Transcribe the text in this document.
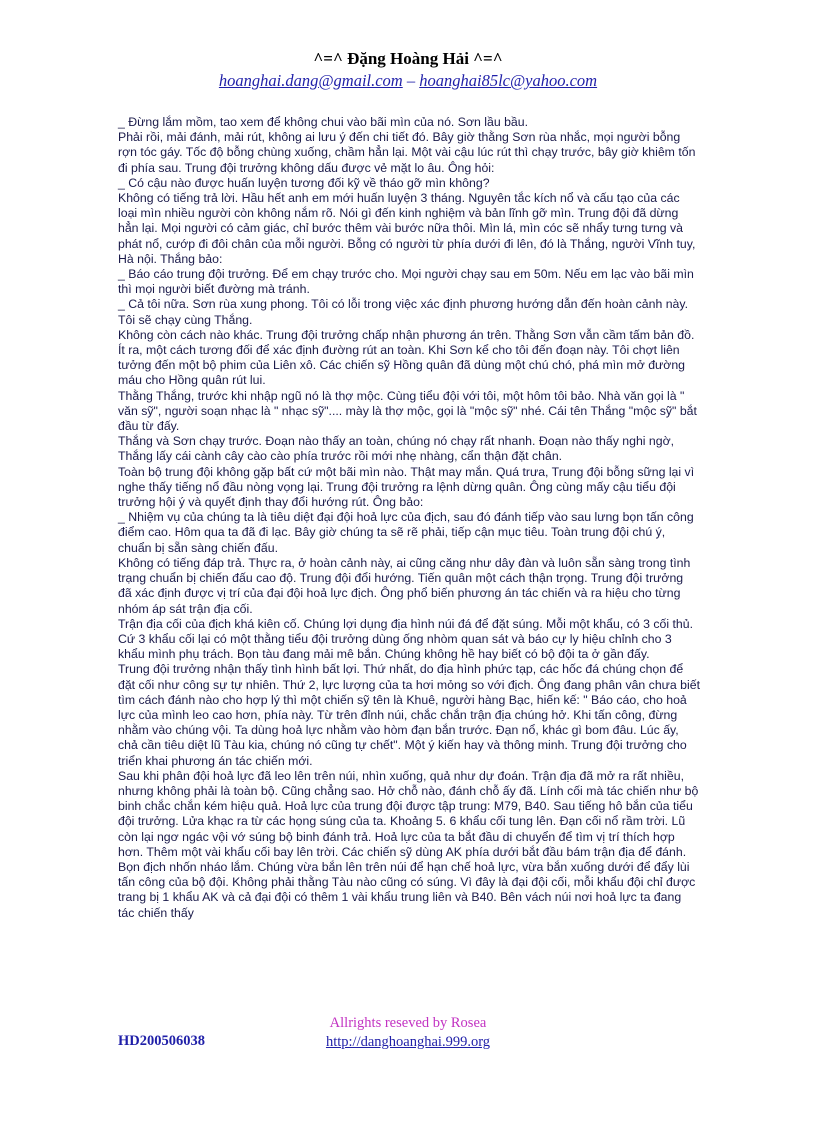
^=^ Đặng Hoàng Hải ^=^
hoanghai.dang@gmail.com – hoanghai85lc@yahoo.com

_ Đừng lắm mồm, tao xem để không chui vào bãi mìn của nó. Sơn lầu bầu.

Phải rồi, mải đánh, mải rút, không ai lưu ý đến chi tiết đó. Bây giờ thằng Sơn rùa nhắc, mọi người bỗng rợn tóc gáy. Tốc độ bỗng chùng xuống, chầm hẳn lại. Một vài cậu lúc rút thì chạy trước, bây giờ khiêm tốn đi phía sau. Trung đội trưởng không dấu được vẻ mặt lo âu. Ông hỏi:

_ Có cậu nào được huấn luyện tương đối kỹ về tháo gỡ mìn không?

Không có tiếng trả lời. Hầu hết anh em mới huấn luyện 3 tháng. Nguyên tắc kích nổ và cấu tạo của các loại mìn nhiều người còn không nắm rõ. Nói gì đến kinh nghiệm và bản lĩnh gỡ mìn. Trung đội đã dừng hẳn lại. Mọi người có cảm giác, chỉ bước thêm vài bước nữa thôi. Mìn lá, mìn cóc sẽ nhẩy tưng tưng và phát nổ, cướp đi đôi chân của mỗi người. Bỗng có người từ phía dưới đi lên, đó là Thắng, người Vĩnh tuy, Hà nội. Thắng bảo:

_ Báo cáo trung đội trưởng. Để em chạy trước cho. Mọi người chạy sau em 50m. Nếu em lạc vào bãi mìn thì mọi người biết đường mà tránh.

_ Cả tôi nữa. Sơn rùa xung phong. Tôi có lỗi trong việc xác định phương hướng dẫn đến hoàn cảnh này. Tôi sẽ chạy cùng Thắng.

Không còn cách nào khác. Trung đội trưởng chấp nhận phương án trên. Thằng Sơn vẫn cầm tấm bản đồ. Ít ra, một cách tương đối để xác định đường rút an toàn. Khi Sơn kể cho tôi đến đoạn này. Tôi chợt liên tưởng đến một bộ phim của Liên xô. Các chiến sỹ Hồng quân đã dùng một chú chó, phá mìn mở đường máu cho Hồng quân rút lui.

Thằng Thắng, trước khi nhập ngũ nó là thợ mộc. Cùng tiểu đội với tôi, một hôm tôi bảo. Nhà văn gọi là " văn sỹ", người soạn nhạc là " nhạc sỹ".... mày là thợ mộc, gọi là "mộc sỹ" nhé. Cái tên Thắng "mộc sỹ" bắt đầu từ đấy.

Thắng và Sơn chạy trước. Đoạn nào thấy an toàn, chúng nó chạy rất nhanh. Đoạn nào thấy nghi ngờ, Thắng lấy cái cành cây cào cào phía trước rồi mới nhẹ nhàng, cẩn thận đặt chân.

Toàn bộ trung đội không gặp bất cứ một bãi mìn nào. Thật may mắn. Quá trưa, Trung đội bỗng sững lại vì nghe thấy tiếng nổ đầu nòng vọng lại. Trung đội trưởng ra lệnh dừng quân. Ông cùng mấy cậu tiểu đội trưởng hội ý và quyết định thay đổi hướng rút. Ông bảo:

_ Nhiệm vụ của chúng ta là tiêu diệt đại đội hoả lực của địch, sau đó đánh tiếp vào sau lưng bọn tấn công điểm cao. Hôm qua ta đã đi lạc. Bây giờ chúng ta sẽ rẽ phải, tiếp cận mục tiêu. Toàn trung đội chú ý, chuẩn bị sẵn sàng chiến đấu.

Không có tiếng đáp trả. Thực ra, ở hoàn cảnh này, ai cũng căng như dây đàn và luôn sẵn sàng trong tình trạng chuẩn bị chiến đấu cao độ. Trung đội đổi hướng. Tiến quân một cách thận trọng. Trung đội trưởng đã xác định được vị trí của đại đội hoả lực địch. Ông phổ biến phương án tác chiến và ra hiệu cho từng nhóm áp sát trận địa cối.

Trận địa cối của địch khá kiên cố. Chúng lợi dụng địa hình núi đá để đặt súng. Mỗi một khẩu, có 3 cối thủ. Cứ 3 khẩu cối lại có một thằng tiểu đội trưởng dùng ống nhòm quan sát và báo cự ly hiệu chỉnh cho 3 khẩu mình phụ trách. Bọn tàu đang mải mê bắn. Chúng không hề hay biết có bộ đội ta ở gần đấy.

Trung đội trưởng nhận thấy tình hình bất lợi. Thứ nhất, do địa hình phức tạp, các hốc đá chúng chọn để đặt cối như công sự tự nhiên. Thứ 2, lực lượng của ta hơi mỏng so với địch. Ông đang phân vân chưa biết tìm cách đánh nào cho hợp lý thì một chiến sỹ tên là Khuê, người hàng Bạc, hiến kế: " Báo cáo, cho hoả lực của mình leo cao hơn, phía này. Từ trên đỉnh núi, chắc chắn trận địa chúng hở. Khi tấn công, đừng nhằm vào chúng vội. Ta dùng hoả lực nhằm vào hòm đạn bắn trước. Đạn nổ, khác gì bom đâu. Lúc ấy, chả cần tiêu diệt lũ Tàu kia, chúng nó cũng tự chết". Một ý kiến hay và thông minh. Trung đội trưởng cho triển khai phương án tác chiến mới.

Sau khi phân đội hoả lực đã leo lên trên núi, nhìn xuống, quả như dự đoán. Trận địa đã mở ra rất nhiều, nhưng không phải là toàn bộ. Cũng chẳng sao. Hở chỗ nào, đánh chỗ ấy đã. Lính cối mà tác chiến như bộ binh chắc chắn kém hiệu quả. Hoả lực của trung đội được tập trung: M79, B40. Sau tiếng hô bắn của tiểu đội trưởng. Lửa khạc ra từ các họng súng của ta. Khoảng 5. 6 khẩu cối tung lên. Đạn cối nổ rầm trời. Lũ còn lại ngơ ngác vội vớ súng bộ binh đánh trả. Hoả lực của ta bắt đầu di chuyển để tìm vị trí thích hợp hơn. Thêm một vài khẩu cối bay lên trời. Các chiến sỹ dùng AK phía dưới bắt đầu bám trận địa để đánh. Bọn địch nhốn nháo lắm. Chúng vừa bắn lên trên núi để hạn chế hoả lực, vừa bắn xuống dưới để đẩy lùi tấn công của bộ đội. Không phải thằng Tàu nào cũng có súng. Vì đây là đại đội cối, mỗi khẩu đội chỉ được trang bị 1 khẩu AK và cả đại đội có thêm 1 vài khẩu trung liên và B40. Bên vách núi nơi hoả lực ta đang tác chiến thấy

HD200506038
Allrights reseved by Rosea
http://danghoanghai.999.org
